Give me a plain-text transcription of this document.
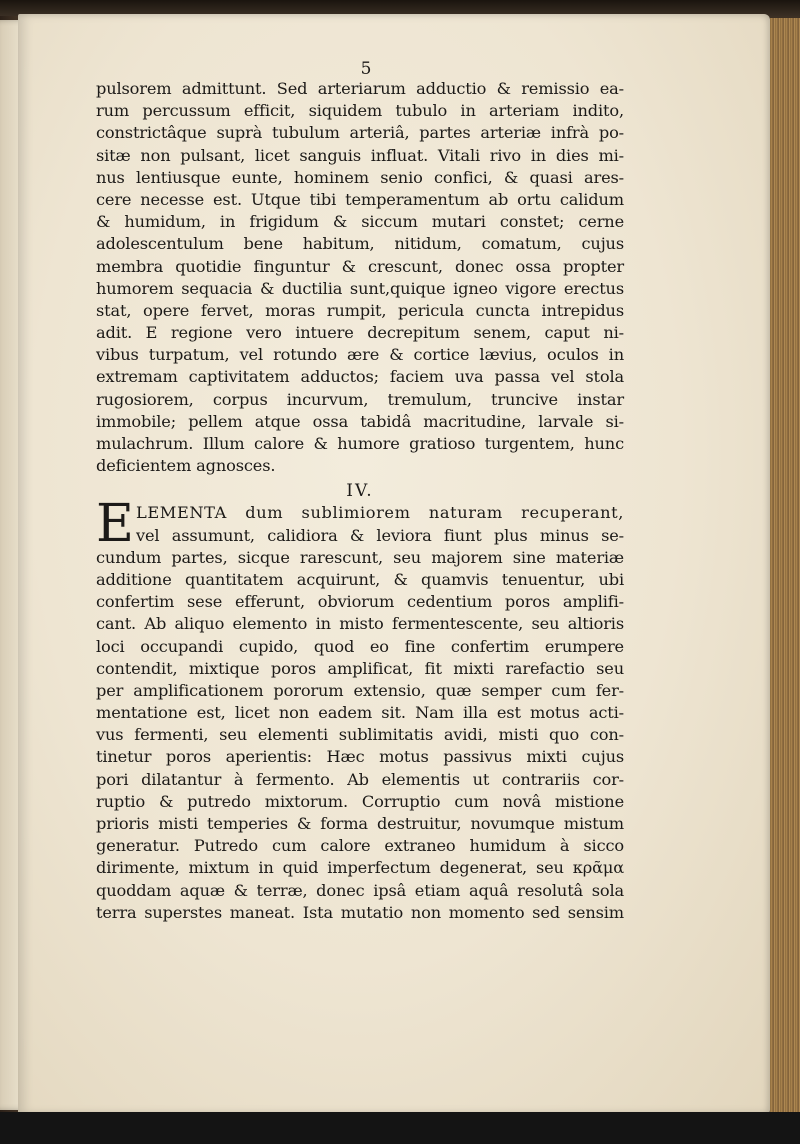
5
pulsorem admittunt. Sed arteriarum adductio & remissio ea-
rum percussum efficit, siquidem tubulo in arteriam indito,
constrictâque suprà tubulum arteriâ, partes arteriæ infrà po-
sitæ non pulsant, licet sanguis influat. Vitali rivo in dies mi-
nus lentiusque eunte, hominem senio confici, & quasi ares-
cere necesse est. Utque tibi temperamentum ab ortu calidum
& humidum, in frigidum & siccum mutari constet; cerne
adolescentulum bene habitum, nitidum, comatum, cujus
membra quotidie finguntur & crescunt, donec ossa propter
humorem sequacia & ductilia sunt,quique igneo vigore erectus
stat, opere fervet, moras rumpit, pericula cuncta intrepidus
adit. E regione vero intuere decrepitum senem, caput ni-
vibus turpatum, vel rotundo ære & cortice lævius, oculos in
extremam captivitatem adductos; faciem uva passa vel stola
rugosiorem, corpus incurvum, tremulum, truncive instar
immobile; pellem atque ossa tabidâ macritudine, larvale si-
mulachrum. Illum calore & humore gratioso turgentem, hunc
deficientem agnosces.
IV.
E LEMENTA dum sublimiorem naturam recuperant,
vel assumunt, calidiora & leviora fiunt plus minus se-
cundum partes, sicque rarescunt, seu majorem sine materiæ
additione quantitatem acquirunt, & quamvis tenuentur, ubi
confertim sese efferunt, obviorum cedentium poros amplifi-
cant. Ab aliquo elemento in misto fermentescente, seu altioris
loci occupandi cupido, quod eo fine confertim erumpere
contendit, mixtique poros amplificat, fit mixti rarefactio seu
per amplificationem pororum extensio, quæ semper cum fer-
mentatione est, licet non eadem sit. Nam illa est motus acti-
vus fermenti, seu elementi sublimitatis avidi, misti quo con-
tinetur poros aperientis: Hæc motus passivus mixti cujus
pori dilatantur à fermento. Ab elementis ut contrariis cor-
ruptio & putredo mixtorum. Corruptio cum novâ mistione
prioris misti temperies & forma destruitur, novumque mistum
generatur. Putredo cum calore extraneo humidum à sicco
dirimente, mixtum in quid imperfectum degenerat, seu κρᾶμα
quoddam aquæ & terræ, donec ipsâ etiam aquâ resolutâ sola
terra superstes maneat. Ista mutatio non momento sed sensim
